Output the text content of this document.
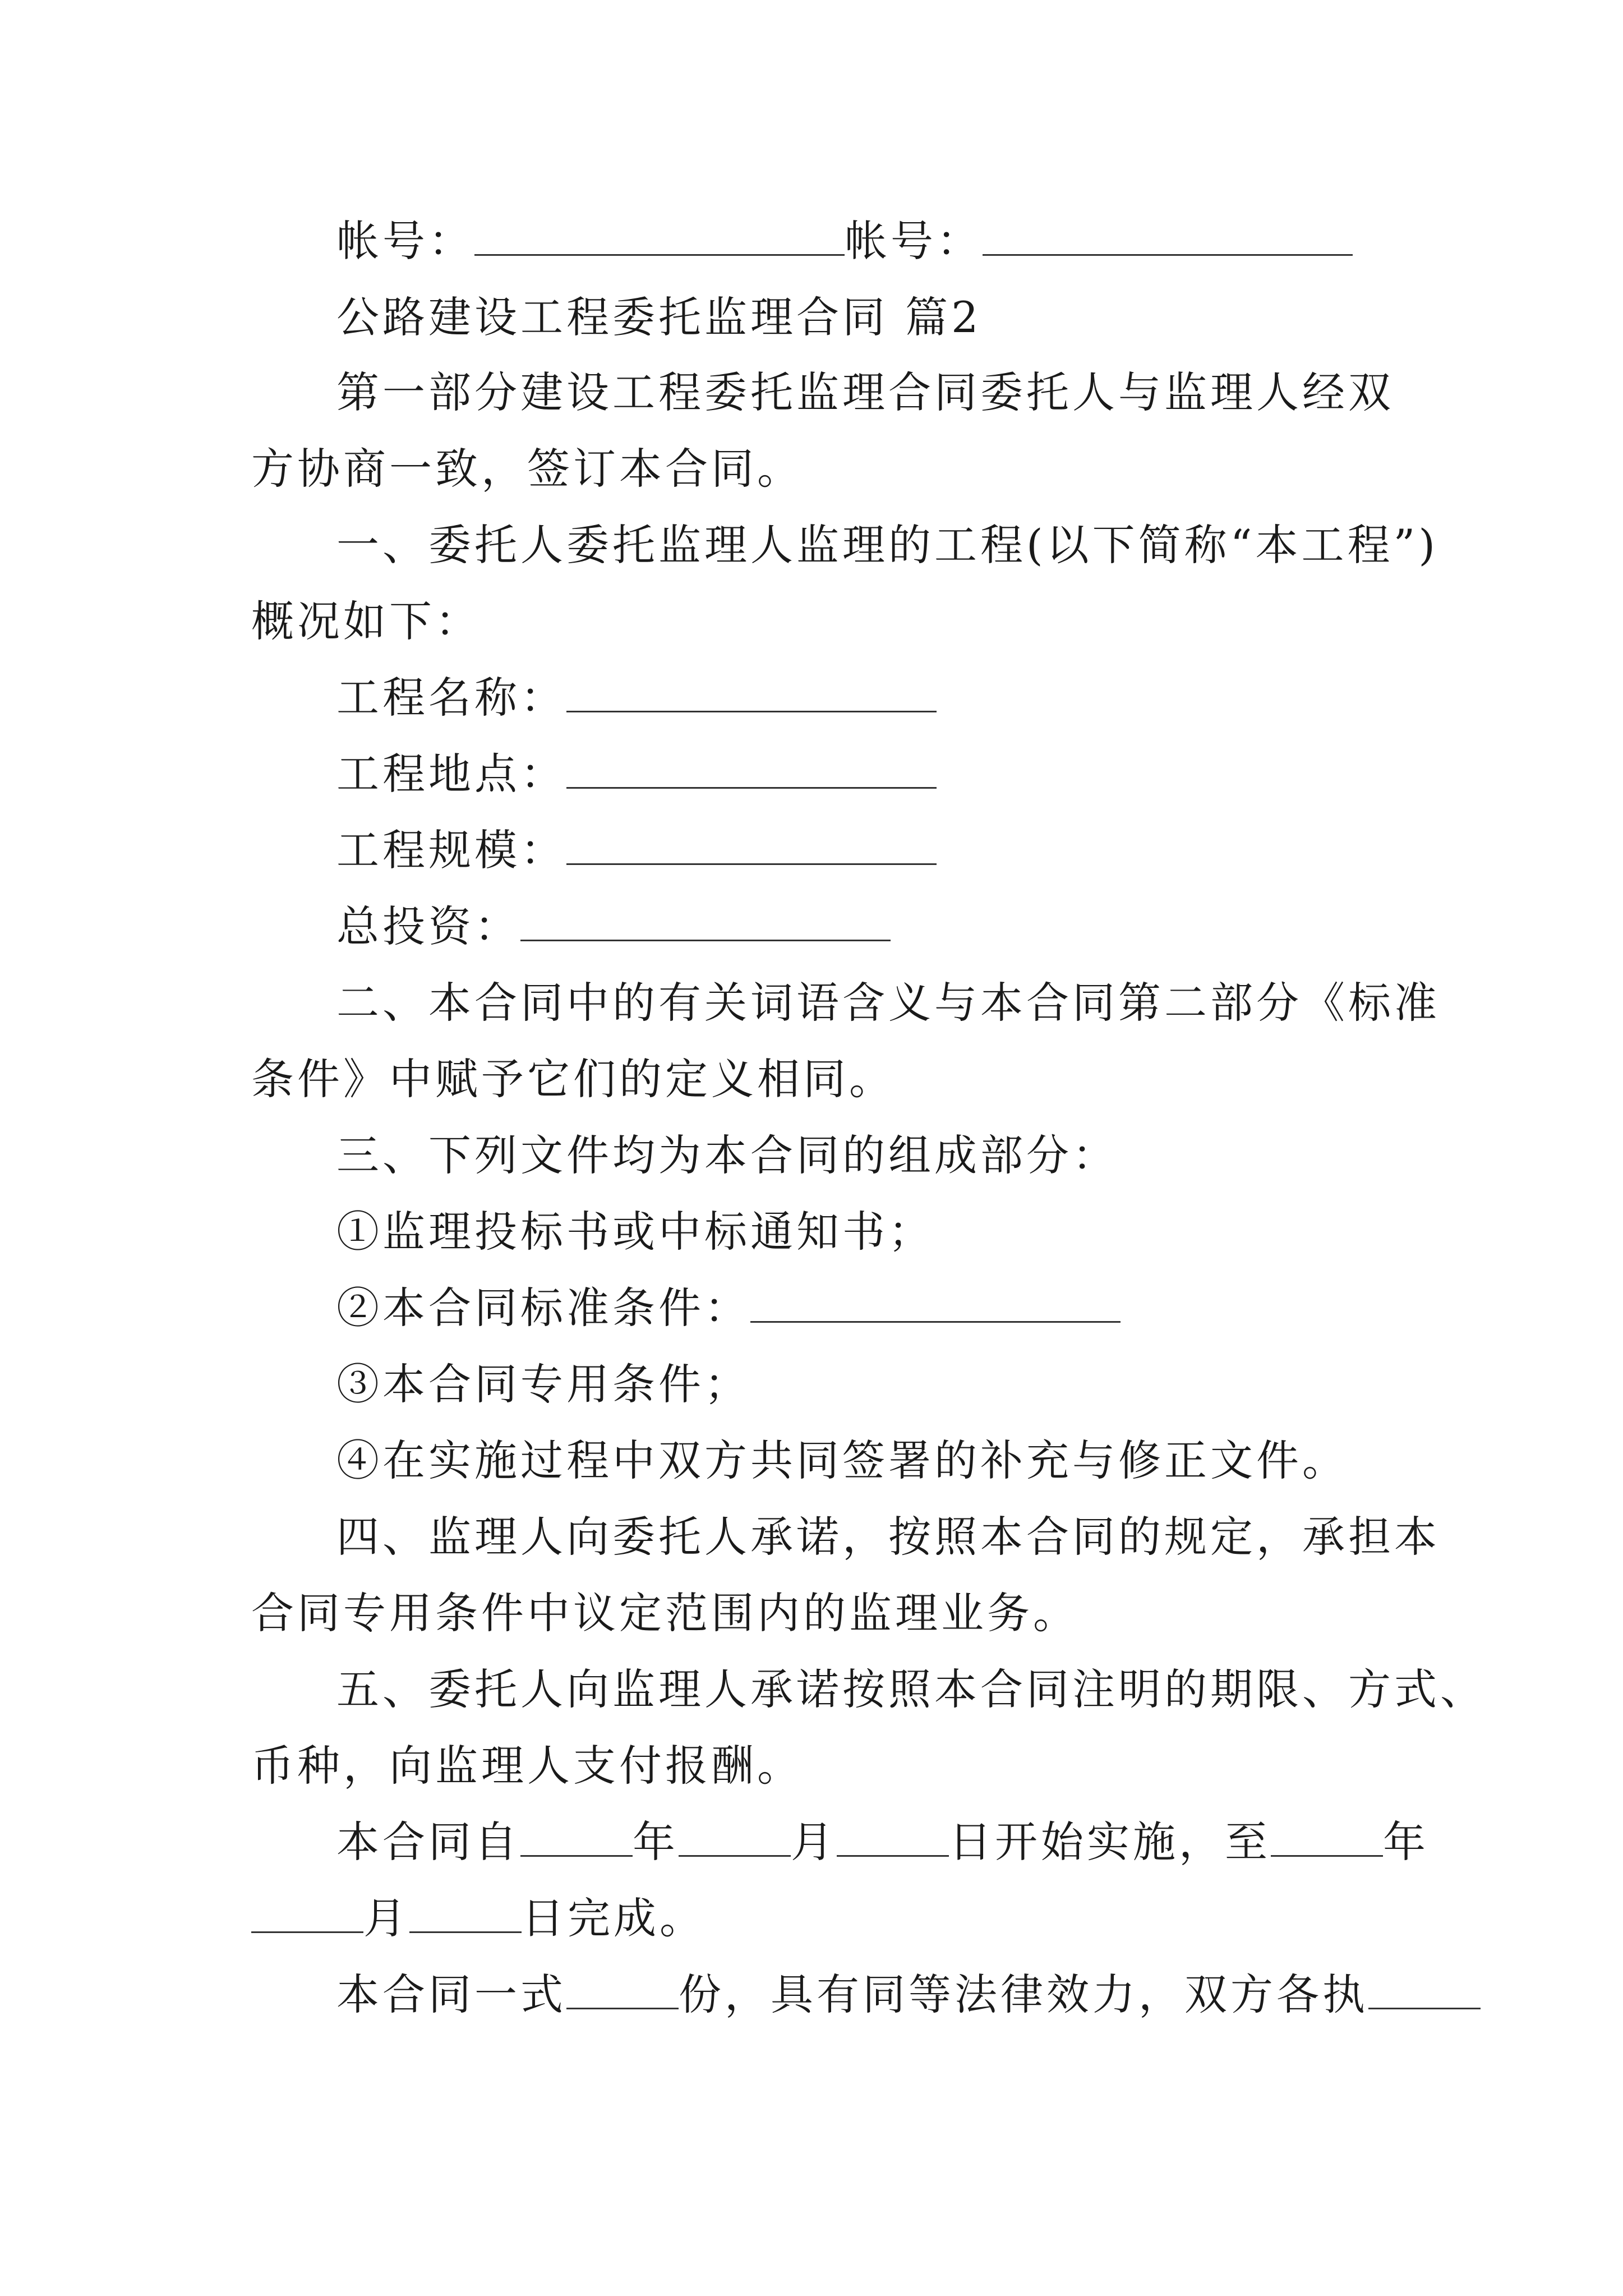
帐号：	帐号：
公路建设工程委托监理合同 篇2
第一部分建设工程委托监理合同委托人与监理人经双
方协商一致，签订本合同。
一、委托人委托监理人监理的工程(以下简称“本工程”)
概况如下：
工程名称：
工程地点：
工程规模：
总投资：
二、本合同中的有关词语含义与本合同第二部分《标准
条件》中赋予它们的定义相同。
三、下列文件均为本合同的组成部分：
①监理投标书或中标通知书；
②本合同标准条件：
③本合同专用条件；
④在实施过程中双方共同签署的补充与修正文件。
四、监理人向委托人承诺，按照本合同的规定，承担本
合同专用条件中议定范围内的监理业务。
五、委托人向监理人承诺按照本合同注明的期限、方式、
币种，向监理人支付报酬。
本合同自	年	月	日开始实施，至	年
月	日完成。
本合同一式	份，具有同等法律效力，双方各执
